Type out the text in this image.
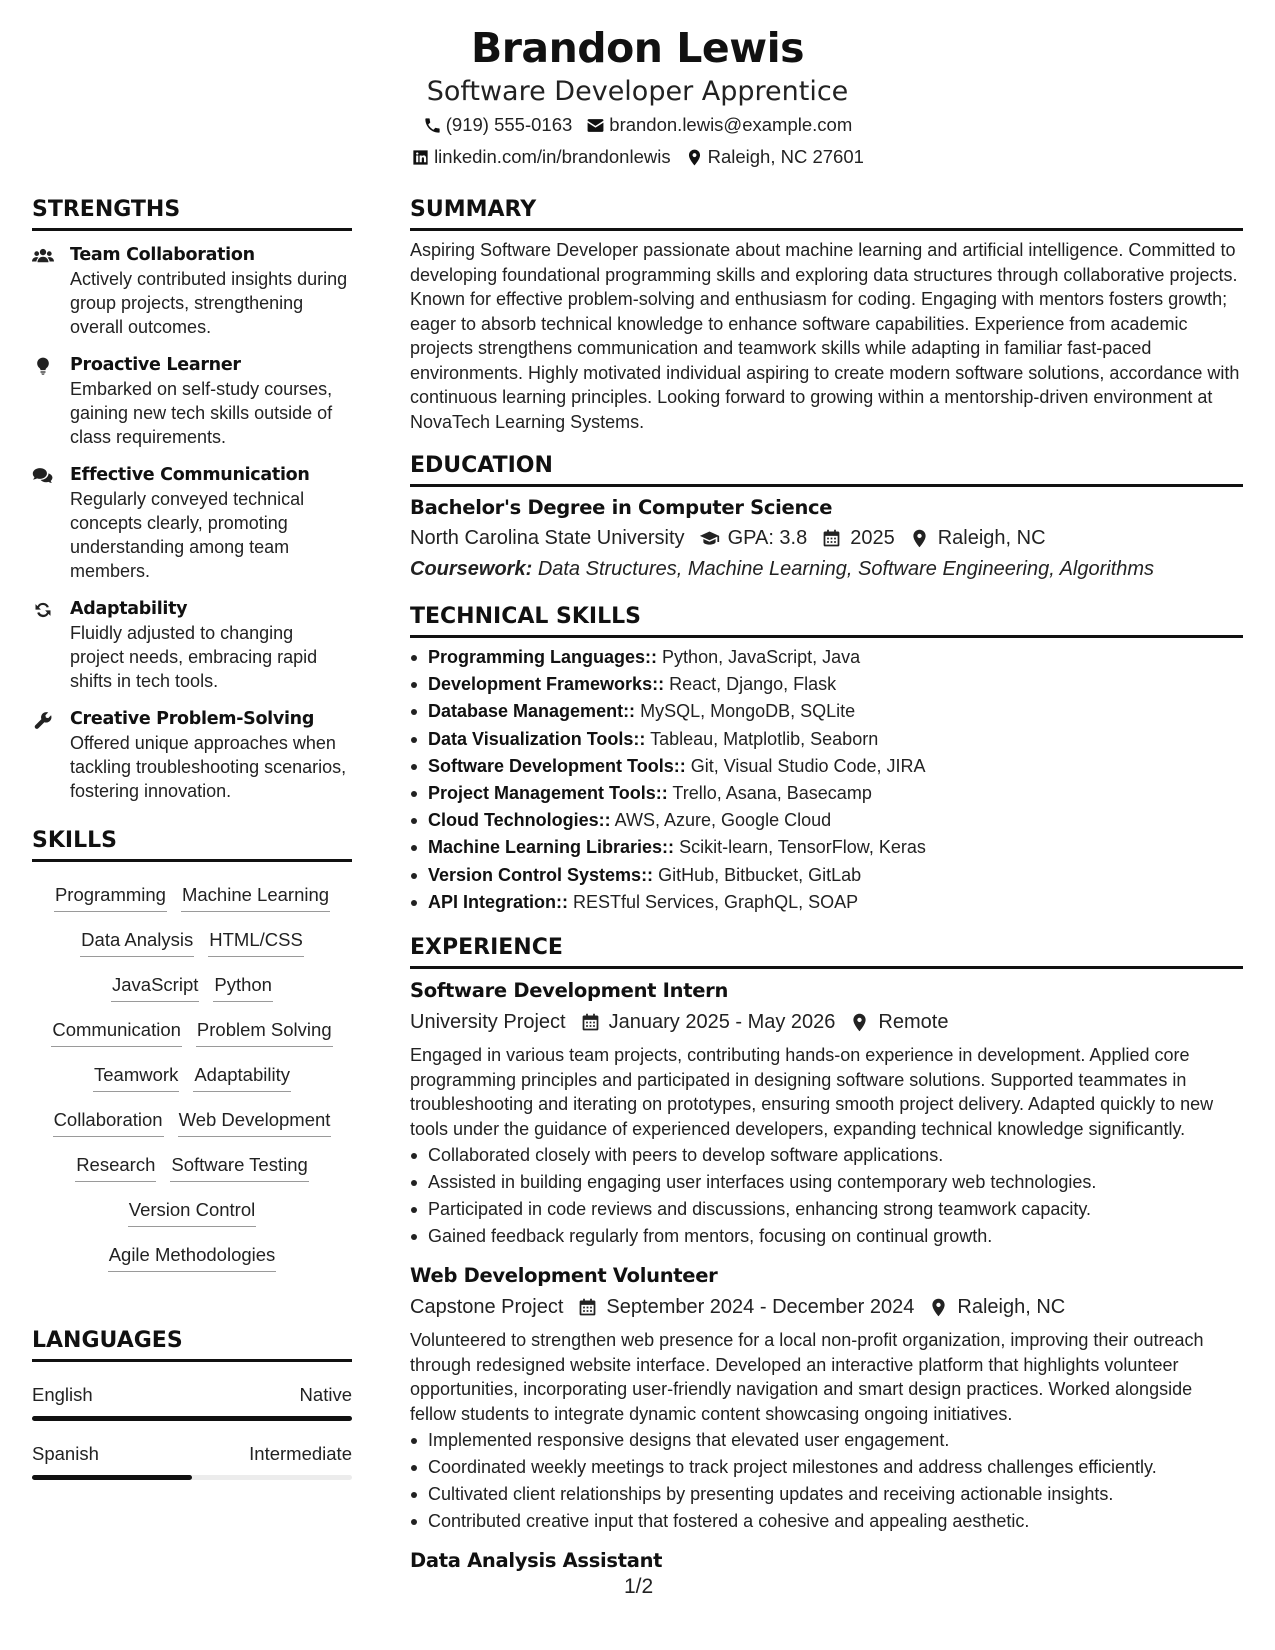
Brandon Lewis
Software Developer Apprentice
(919) 555-0163 brandon.lewis@example.com
linkedin.com/in/brandonlewis Raleigh, NC 27601
STRENGTHS
Team Collaboration
Actively contributed insights during group projects, strengthening overall outcomes.
Proactive Learner
Embarked on self-study courses, gaining new tech skills outside of class requirements.
Effective Communication
Regularly conveyed technical concepts clearly, promoting understanding among team members.
Adaptability
Fluidly adjusted to changing project needs, embracing rapid shifts in tech tools.
Creative Problem-Solving
Offered unique approaches when tackling troubleshooting scenarios, fostering innovation.
SKILLS
Programming Machine Learning
Data Analysis HTML/CSS
JavaScript Python
Communication Problem Solving
Teamwork Adaptability
Collaboration Web Development
Research Software Testing
Version Control
Agile Methodologies
LANGUAGES
English	Native
Spanish	Intermediate
SUMMARY
Aspiring Software Developer passionate about machine learning and artificial intelligence. Committed to developing foundational programming skills and exploring data structures through collaborative projects. Known for effective problem-solving and enthusiasm for coding. Engaging with mentors fosters growth; eager to absorb technical knowledge to enhance software capabilities. Experience from academic projects strengthens communication and teamwork skills while adapting in familiar fast-paced environments. Highly motivated individual aspiring to create modern software solutions, accordance with continuous learning principles. Looking forward to growing within a mentorship-driven environment at NovaTech Learning Systems.
EDUCATION
Bachelor's Degree in Computer Science
North Carolina State University GPA: 3.8 2025 Raleigh, NC
Coursework: Data Structures, Machine Learning, Software Engineering, Algorithms
TECHNICAL SKILLS
Programming Languages:: Python, JavaScript, Java
Development Frameworks:: React, Django, Flask
Database Management:: MySQL, MongoDB, SQLite
Data Visualization Tools:: Tableau, Matplotlib, Seaborn
Software Development Tools:: Git, Visual Studio Code, JIRA
Project Management Tools:: Trello, Asana, Basecamp
Cloud Technologies:: AWS, Azure, Google Cloud
Machine Learning Libraries:: Scikit-learn, TensorFlow, Keras
Version Control Systems:: GitHub, Bitbucket, GitLab
API Integration:: RESTful Services, GraphQL, SOAP
EXPERIENCE
Software Development Intern
University Project January 2025 - May 2026 Remote
Engaged in various team projects, contributing hands-on experience in development. Applied core programming principles and participated in designing software solutions. Supported teammates in troubleshooting and iterating on prototypes, ensuring smooth project delivery. Adapted quickly to new tools under the guidance of experienced developers, expanding technical knowledge significantly.
Collaborated closely with peers to develop software applications.
Assisted in building engaging user interfaces using contemporary web technologies.
Participated in code reviews and discussions, enhancing strong teamwork capacity.
Gained feedback regularly from mentors, focusing on continual growth.
Web Development Volunteer
Capstone Project September 2024 - December 2024 Raleigh, NC
Volunteered to strengthen web presence for a local non-profit organization, improving their outreach through redesigned website interface. Developed an interactive platform that highlights volunteer opportunities, incorporating user-friendly navigation and smart design practices. Worked alongside fellow students to integrate dynamic content showcasing ongoing initiatives.
Implemented responsive designs that elevated user engagement.
Coordinated weekly meetings to track project milestones and address challenges efficiently.
Cultivated client relationships by presenting updates and receiving actionable insights.
Contributed creative input that fostered a cohesive and appealing aesthetic.
Data Analysis Assistant
1/2
